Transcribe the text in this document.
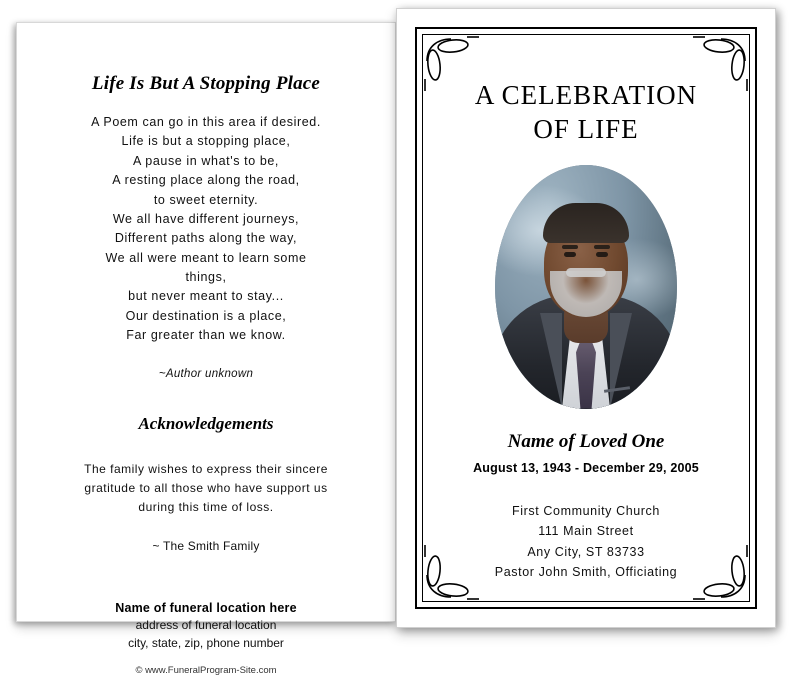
Life Is But A Stopping Place
A Poem can go in this area if desired.
Life is but a stopping place,
A pause in what's to be,
A resting place along the road,
to sweet eternity.
We all have different journeys,
Different paths along the way,
We all were meant to learn some
things,
but never meant to stay...
Our destination is a place,
Far greater than we know.
~Author unknown
Acknowledgements
The family wishes to express their sincere gratitude to all those who have support us during this time of loss.
~ The Smith Family
Name of funeral location here
address of funeral location
city, state, zip, phone number
© www.FuneralProgram-Site.com
A CELEBRATION
OF LIFE
Name of Loved One
August 13, 1943 - December 29, 2005
First Community Church
111 Main Street
Any City, ST 83733
Pastor John Smith, Officiating
